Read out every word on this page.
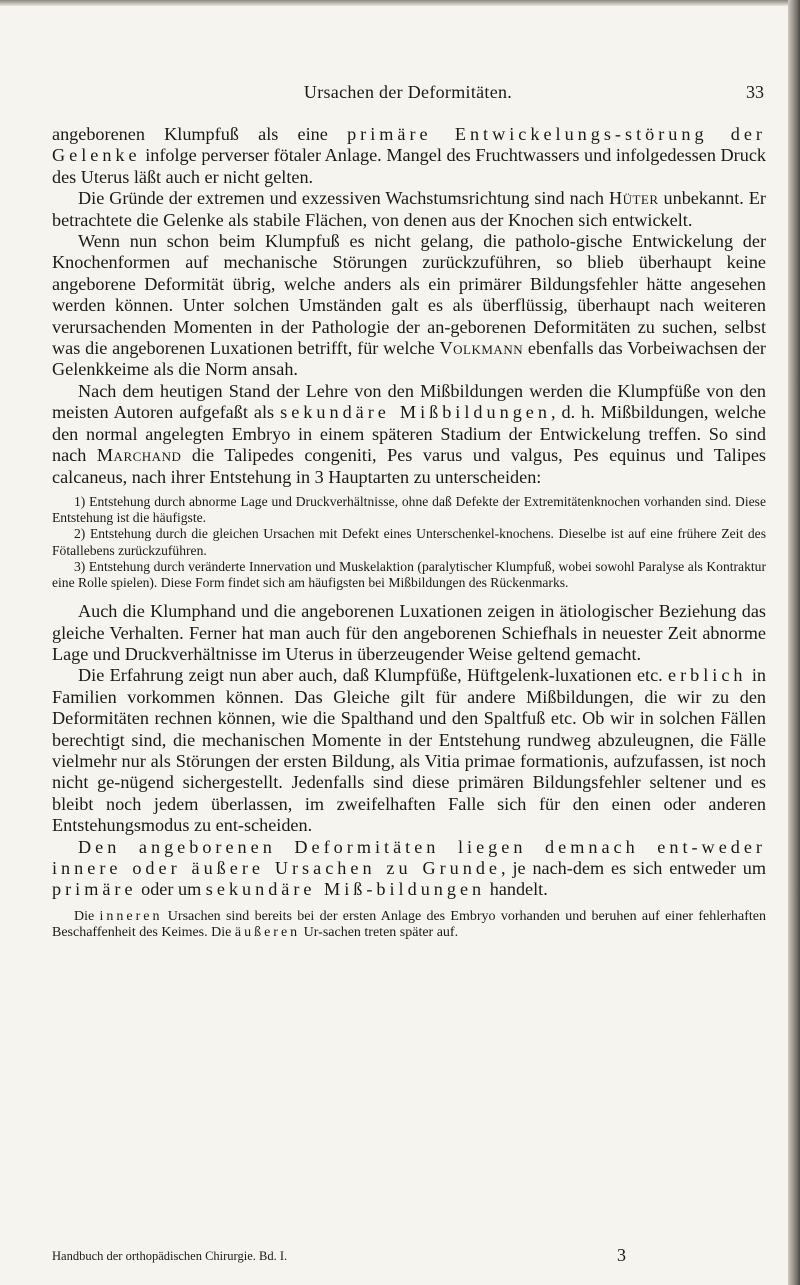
Ursachen der Deformitäten.	33

angeborenen Klumpfuß als eine primäre Entwickelungs-störung der Gelenke infolge perverser fötaler Anlage. Mangel des Fruchtwassers und infolgedessen Druck des Uterus läßt auch er nicht gelten.

Die Gründe der extremen und exzessiven Wachstumsrichtung sind nach Hüter unbekannt. Er betrachtete die Gelenke als stabile Flächen, von denen aus der Knochen sich entwickelt.

Wenn nun schon beim Klumpfuß es nicht gelang, die patholo-gische Entwickelung der Knochenformen auf mechanische Störungen zurückzuführen, so blieb überhaupt keine angeborene Deformität übrig, welche anders als ein primärer Bildungsfehler hätte angesehen werden können. Unter solchen Umständen galt es als überflüssig, überhaupt nach weiteren verursachenden Momenten in der Pathologie der an-geborenen Deformitäten zu suchen, selbst was die angeborenen Luxationen betrifft, für welche Volkmann ebenfalls das Vorbeiwachsen der Gelenkkeime als die Norm ansah.

Nach dem heutigen Stand der Lehre von den Mißbildungen werden die Klumpfüße von den meisten Autoren aufgefaßt als sekundäre Mißbildungen, d. h. Mißbildungen, welche den normal angelegten Embryo in einem späteren Stadium der Entwickelung treffen. So sind nach Marchand die Talipedes congeniti, Pes varus und valgus, Pes equinus und Talipes calcaneus, nach ihrer Entstehung in 3 Hauptarten zu unterscheiden:

1) Entstehung durch abnorme Lage und Druckverhältnisse, ohne daß Defekte der Extremitätenknochen vorhanden sind. Diese Entstehung ist die häufigste.

2) Entstehung durch die gleichen Ursachen mit Defekt eines Unterschenkel-knochens. Dieselbe ist auf eine frühere Zeit des Fötallebens zurückzuführen.

3) Entstehung durch veränderte Innervation und Muskelaktion (paralytischer Klumpfuß, wobei sowohl Paralyse als Kontraktur eine Rolle spielen). Diese Form findet sich am häufigsten bei Mißbildungen des Rückenmarks.

Auch die Klumphand und die angeborenen Luxationen zeigen in ätiologischer Beziehung das gleiche Verhalten. Ferner hat man auch für den angeborenen Schiefhals in neuester Zeit abnorme Lage und Druckverhältnisse im Uterus in überzeugender Weise geltend gemacht.

Die Erfahrung zeigt nun aber auch, daß Klumpfüße, Hüftgelenk-luxationen etc. erblich in Familien vorkommen können. Das Gleiche gilt für andere Mißbildungen, die wir zu den Deformitäten rechnen können, wie die Spalthand und den Spaltfuß etc. Ob wir in solchen Fällen berechtigt sind, die mechanischen Momente in der Entstehung rundweg abzuleugnen, die Fälle vielmehr nur als Störungen der ersten Bildung, als Vitia primae formationis, aufzufassen, ist noch nicht ge-nügend sichergestellt. Jedenfalls sind diese primären Bildungsfehler seltener und es bleibt noch jedem überlassen, im zweifelhaften Falle sich für den einen oder anderen Entstehungsmodus zu ent-scheiden.

Den angeborenen Deformitäten liegen demnach ent-weder innere oder äußere Ursachen zu Grunde, je nach-dem es sich entweder um primäre oder um sekundäre Miß-bildungen handelt.

Die inneren Ursachen sind bereits bei der ersten Anlage des Embryo vorhanden und beruhen auf einer fehlerhaften Beschaffenheit des Keimes. Die äußeren Ur-sachen treten später auf.

Handbuch der orthopädischen Chirurgie. Bd. I.	3
